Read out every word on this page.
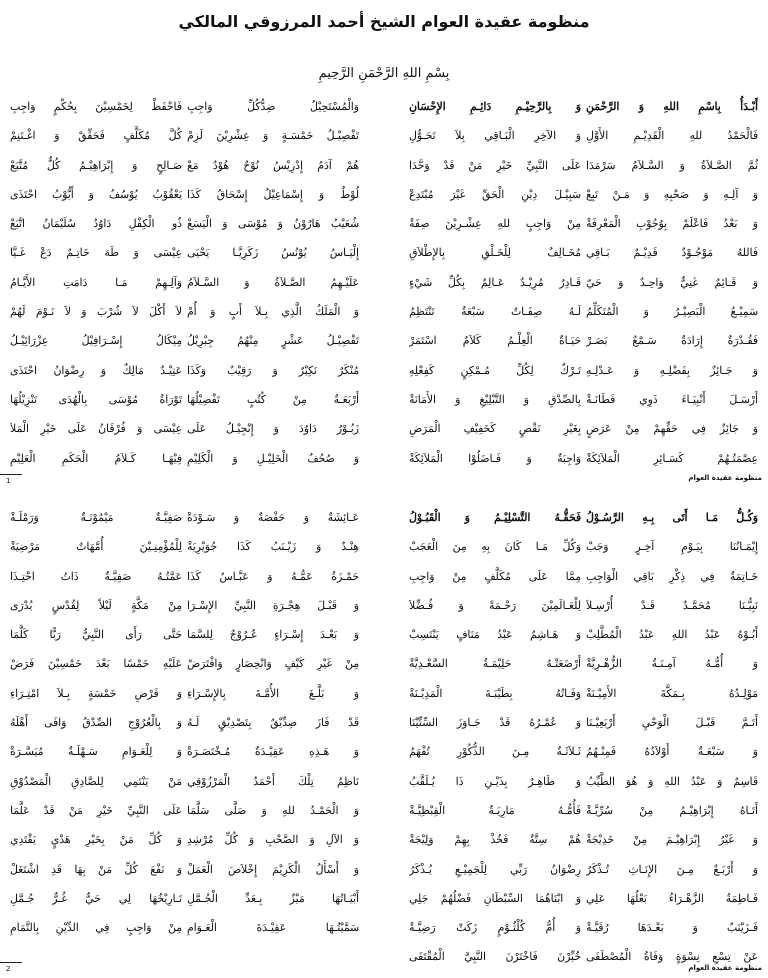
منظومة عقيدة العوام الشيخ أحمد المرزوقي المالكي
بِسْمِ اللهِ الرَّحْمَنِ الرَّحِيمِ
أَبْـدَأُ بِاسْمِ اللهِ وَ الرَّحْمَنِ
وَ بِالرَّحِيْـمِ دَائِـمِ الإِحْسَانِ
وَالْمُسْتَحِيْلُ ضِدُّكُلِّ وَاجِبِ
فَاحْفَظْ لِخَمْسِيْنَ بِحُكْمٍ وَاجِبِ
فَالْحَمْدُ للهِ الْقَدِيْـمِ الأَوَّلِ
وَ الآخِرِ الْبَـاقِي بِلاَ تَحَـوُّلِ
تَفْصِيْـلُ خَمْسَـةٍ وَ عِشْرِيْنَ لَزِمْ
كُلَّ مُكَلَّفٍ فَحَقِّقْ وَ اغْـتَنِمْ
ثُمَّ الصَّـلاَةُ وَ السَّـلاَمُ سَرْمَدَا
عَلَى النَّبِيِّ خَيْرِ مَنْ قَدْ وَحَّدَا
هُمْ آدَمُ إِدْرِيْسُ نُوْحٌ هُوْدٌ مَعْ
صَـالِحٍ وَ إِبْرَاهِيْـمُ كُلٌّ مُتَّبَعْ
وَ آلِـهِ وَ صَحْبِهِ وَ مَـنْ تَبِعْ
سَبِيْـلَ دِيْنِ الْحَقِّ غَيْرَ مُبْتَدِعْ
لُوْطٌ وَ إِسْمَاعِيْلُ إِسْحَاقُ كَذَا
يَعْقُوْبُ يُوْسُفُ وَ أَيُّوْبُ احْتَذَى
وَ بَعْدُ فَاعْلَمْ بِوُجُوْبِ الْمَعْرِفَةْ
مِنْ وَاجِبٍ للهِ عِشْـرِيْنَ صِفَةْ
شُعَيْبُ هَارُوْنُ وَ مُوْسَى وَ الْيَسَعْ
ذُو الْكِفْلِ دَاوُدُ سُلَيْمَانُ اتَّبَعْ
فَاللهُ مَوْجُـوْدٌ قَدِيْـمٌ بَـاقِي
مُخَـالِفٌ لِلْخَـلْقِ بِالإِطْلاَقِ
إِلْيَـاسُ يُوْنُسُ زَكَرِيَّـا يَحْيَى
عِيْسَى وَ طَهَ خَاتِـمٌ دَعْ غَـيَّا
وَ قَـائِمٌ غَنِيٌّ وَاحِـدٌ وَ حَيّ
قَـادِرٌ مُرِيْـدٌ عَـالِمٌ بِكُلِّ شَيْءٍ
عَلَيْـهِمُ الصَّـلاَةُ وَ السَّـلاَمُ
وَآلِـهِمْ مَـا دَامَتِ الأَيَّـامُ
سَمِيْـعٌ الْبَصِيْـرُ وَ الْمُتَكَلِّمُ
لَـهُ صِفَـاتٌ سَبْعَةٌ تَنْتَظِمُ
وَ الْمَلَكُ الَّذِي بِـلاَ أَبٍ وَ أُمْ
لاَ أَكْلَ لاَ شُرْبَ وَ لاَ نَـوْمَ لَهُمْ
فَقُـدْرَةٌ إِرَادَةٌ سَـمْعٌ بَصَـرْ
حَيَـاةٌ الْعِلْـمُ كَلاَمٌ اسْتَمَرْ
تَفْصِيْـلُ عَشْرٍ مِنْهُمُ جِبْرِيْلُ
مِيْكَالُ إِسْـرَافِيْلُ عِزْرَائِيْـلُ
وَ جَـائِزٌ بِفَضْلِـهِ وَ عَـدْلِـهِ
تَـرْكٌ لِكُلِّ مُـمْكِنٍ كَفِعْلِهِ
مُنْكَرٌ نَكِيْرٌ وَ رَقِيْبٌ وَكَذَا
عَتِيْـدٌ مَالِكٌ وَ رِضْوَانُ احْتَذَى
أَرْسَـلَ أَنْبِيَـاءَ ذَوِي فَطَانَـةْ
بِالصِّدْقِ وَ التَّبْلِيْغِ وَ الأَمَانَةْ
أَرْبَعَـةٌ مِنْ كُتُبٍ تَفْصِيْلُهَا
تَوْرَاةُ مُوْسَى بِالْهُدَى تَنْزِيْلُهَا
وَ جَائِزٌ فِي حَقِّهِمْ مِنْ عَرَضٍ
بِغَيْرِ نَقْصٍ كَخَفِيْفِ الْمَرَضِ
زَبُـوْرُ دَاوُدَ وَ إِنْجِيْـلُ عَلَى
عِيْسَى وَ فُرْقَانُ عَلَى خَيْرِ الْمَلاَ
عِصْمَتُـهُمْ كَسَـائِرِ الْمَلاَئِكَةْ
وَاجِبَةٌ وَ فَـاضَلُوْا الْمَلاَئِكَةْ
وَ صُحُفُ الْخَلِيْـلِ وَ الْكَلِيْمِ
فِيْهَـا كَـلاَمُ الْحَكَمِ الْعَلِيْمِ
1	منظومة عقيدة العوام
وَكُـلُّ مَـا أَتَى بِـهِ الرَّسُـوْلُ
فَحَقُّـهُ التَّسْلِيْـمُ وَ الْقَبُـوْلُ
عَـائِشَةٌ وَ حَفْصَةٌ وَ سَـوْدَةْ
صَفِيَّـةٌ مَيْمُوْنَـةٌ وَرَمْلَـةْ
إِيْمَـانُنَا بِيَـوْمِ آخِـرٍ وَجَبْ
وَكُلِّ مَـا كَانَ بِهِ مِنَ الْعَجَبْ
هِنْـدٌ وَ زَيْـنَبُ كَذَا جُوَيْرِيَةْ
لِلْمُؤْمِنِـيْنَ أُمَّهَاتٌ مَرْضِيَةْ
خَـاتِمَةٌ فِي ذِكْرِ بَاقِي الْوَاجِبِ
مِمَّا عَلَى مُكَلَّفٍ مِنْ وَاجِبِ
حَمْـزَةُ عَمُّـهُ وَ عَبَّـاسٌ كَذَا
عَمَّتُـهُ صَفِيَّـةٌ ذَاتُ احْتِـذَا
نَبِيُّـنَا مُحَمَّـدٌ قَـدْ أُرْسِـلاَ
لِلْعَـالَمِيْنَ رَحْـمَةً وَ فُـضِّلاَ
وَ قَبْـلَ هِجْـرَةِ النَّبِيِّ الإِسْـرَا
مِنْ مَكَّةٍ لَيْلاً لِقُدْسٍ يُدْرَى
أَبُـوْهُ عَبْدُ اللهِ عَبْدُ الْمُطَّلِبْ
وَ هَـاشِمٌ عَبْدُ مَنَافٍ يَنْتَسِبْ
وَ بَعْـدَ إِسْـرَاءٍ عُـرُوْجٌ لِلسَّمَا
حَتَّى رَأَى النَّبِيُّ رَبًّا كَلَّمَا
وَ أُمُّـهُ آمِـنَـةُ الزُّهْـرِيَّةْ
أَرْضَعَتْـهُ حَلِيْمَـةُ السَّعْـدِيَّةْ
مِنْ غَيْرِ كَيْفٍ وَانْحِصَارٍ وَافْتَرَضْ
عَلَيْهِ خَمْسًا بَعْدَ خَمْسِيْنَ فَرَضْ
مَوْلِـدُهُ بِـمَكَّةَ الأَمِيْـنَةْ
وَفَـاتُهُ بِطَيْبَـةَ الْمَدِيْـنَةْ
وَ بَلَّـغَ الأُمَّـةَ بِالإِسْـرَاءِ
وَ فَرْضِ خَمْسَةٍ بِـلاَ امْتِـرَاءِ
أَتَـمَّ قَبْـلَ الْوَحْيِ أَرْبَعِيْـنَا
وَ عُمْـرُهُ قَدْ جَـاوَزَ السِّتِّيْنَا
قَدْ فَازَ صِدِّيْقٌ بِتَصْدِيْقٍ لَـهُ
وَ بِالْعُرُوْجِ الصِّدْقُ وَافَى أَهْلَهُ
وَ سَبْعَـةٌ أَوْلاَدُهُ فَمِنْـهُمُ
ثَـلاَثَـةٌ مِـنَ الذُّكُوْرِ تُفْهَمُ
وَ هَـذِهِ عَقِيْـدَةٌ مُـخْتَصَـرَةْ
وَ لِلْعَـوَامِ سَـهْلَـةٌ مُيَسَّـرَةْ
قَاسِمٌ وَ عَبْدُ اللهِ وَ هُوَ الطَّيِّبُ
وَ طَاهِـرٌ بِذَيْـنِ ذَا يُـلَقَّبُ
نَاظِمُ تِلْكَ أَحْمَدُ الْمَرْزُوْقِي
مَنْ يَنْتَمِي لِلصَّادِقِ الْمَصْدُوْقِ
أَتَـاهُ إِبْرَاهِيْـمُ مِنْ سُرِّيَّـةْ
فَأُمُّـهُ مَارِيَـةُ الْقِبْطِيَّـةْ
وَ الْحَمْـدُ للهِ وَ صَلَّى سَلَّمَا
عَلَى النَّبِيِّ خَيْرِ مَنْ قَدْ عَلَّمَا
وَ غَيْرُ إِبْرَاهِيْـمَ مِنْ خَدِيْجَةْ
هُمْ سِتَّةٌ فَخُذْ بِهِمْ وَلِيْجَةْ
وَ الآلِ وَ الصَّحْبِ وَ كُلِّ مُرْشِدِ
وَ كُلِّ مَنْ بِخَيْرِ هَدْيٍ يَقْتَدِي
وَ أَرْبَـعٌ مِـنَ الإِنَـاثِ تُـذْكَرُ
رِضْوَانُ رَبِّي لِلْجَمِيْـعِ يُـذْكَرُ
وَ أَسْأَلُ الْكَرِيْمَ إِخْلاَصَ الْعَمَلْ
وَ نَفْعَ كُلِّ مَنْ بِهَا قَدِ اشْتَغَلْ
فَـاطِمَةُ الزَّهْـرَاءُ بَعْلُهَا عَلِي
وَ ابْنَاهُمَا السِّبْطَانِ فَضْلُهُمْ جَلِي
أَبْيَـاتُهَا مَيْزٌ بِـعَدِّ الْجُـمَّلِ
تَـارِيْخُهَا لِي حَيٌّ غُـرٌّ جُـمَّلِ
فَـزَيْنَبٌ وَ بَعْـدَهَا رُقَيَّـةْ
وَ أُمُّ كُلْثُـوْمٍ زَكَتْ رَضِيَّـةْ
سَمَّيْتُـهَا عَقِيْـدَةَ الْعَـوَامِ
مِنْ وَاجِبٍ فِي الدِّيْنِ بِالتَّمَامِ
عَنْ تِسْعِ نِسْوَةٍ وَفَاةُ الْمُصْطَفَى
خُيِّرْنَ فَاخْتَرْنَ النَّبِيَّ الْمُقْتَفَى
2	منظومة عقيدة العوام
